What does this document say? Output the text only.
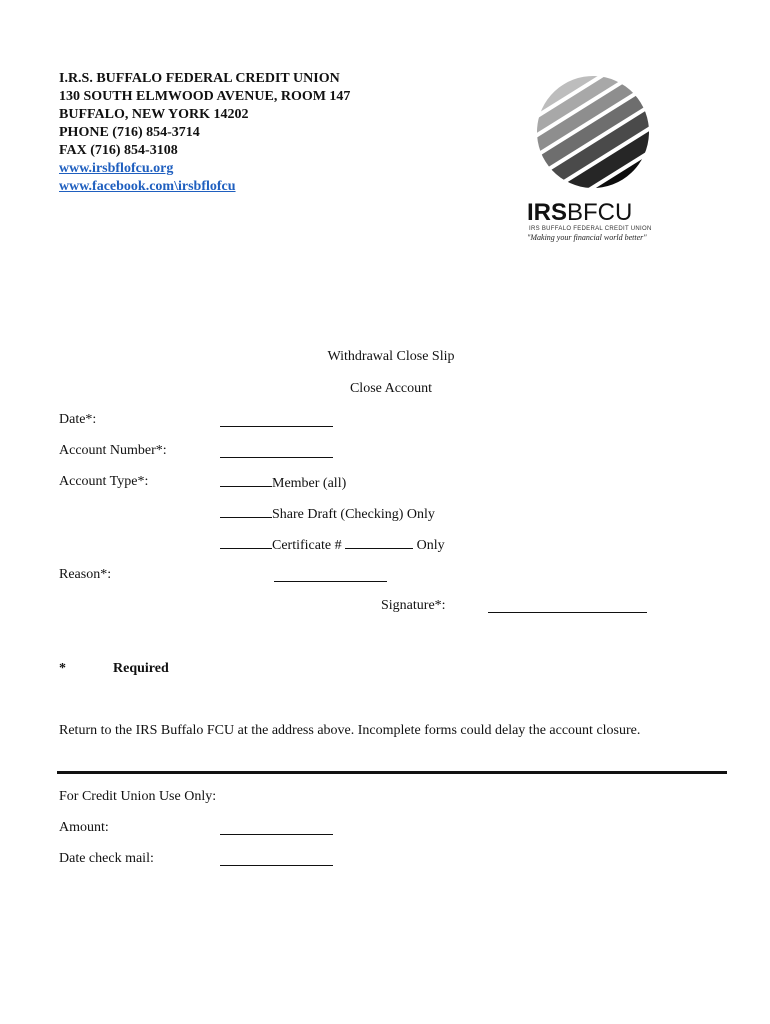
I.R.S. BUFFALO FEDERAL CREDIT UNION
130 SOUTH ELMWOOD AVENUE, ROOM 147
BUFFALO, NEW YORK 14202
PHONE (716) 854-3714
FAX (716) 854-3108
www.irsbflofcu.org
www.facebook.com\irsbflofcu
IRSBFCU
IRS BUFFALO FEDERAL CREDIT UNION
"Making your financial world better"
Withdrawal Close Slip
Close Account
Date*:
Account Number*:
Account Type*:	Member (all)
Share Draft (Checking) Only
Certificate #	Only
Reason*:
Signature*:
*	Required
Return to the IRS Buffalo FCU at the address above. Incomplete forms could delay the account closure.
For Credit Union Use Only:
Amount:
Date check mail:
